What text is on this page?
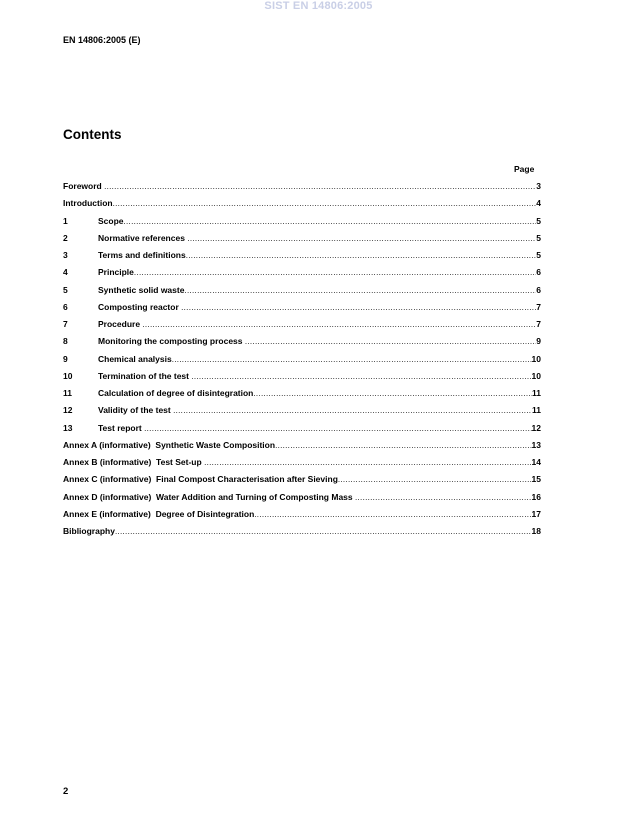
SIST EN 14806:2005
EN 14806:2005 (E)
Contents
Page
Foreword .....	3
Introduction .....	4
1	Scope .....	5
2	Normative references .....	5
3	Terms and definitions .....	5
4	Principle .....	6
5	Synthetic solid waste .....	6
6	Composting reactor .....	7
7	Procedure .....	7
8	Monitoring the composting process .....	9
9	Chemical analysis .....	10
10	Termination of the test .....	10
11	Calculation of degree of disintegration .....	11
12	Validity of the test .....	11
13	Test report .....	12
Annex A (informative)  Synthetic Waste Composition .....	13
Annex B (informative)  Test Set-up .....	14
Annex C (informative)  Final Compost Characterisation after Sieving .....	15
Annex D (informative)  Water Addition and Turning of Composting Mass .....	16
Annex E (informative)  Degree of Disintegration .....	17
Bibliography .....	18
2
